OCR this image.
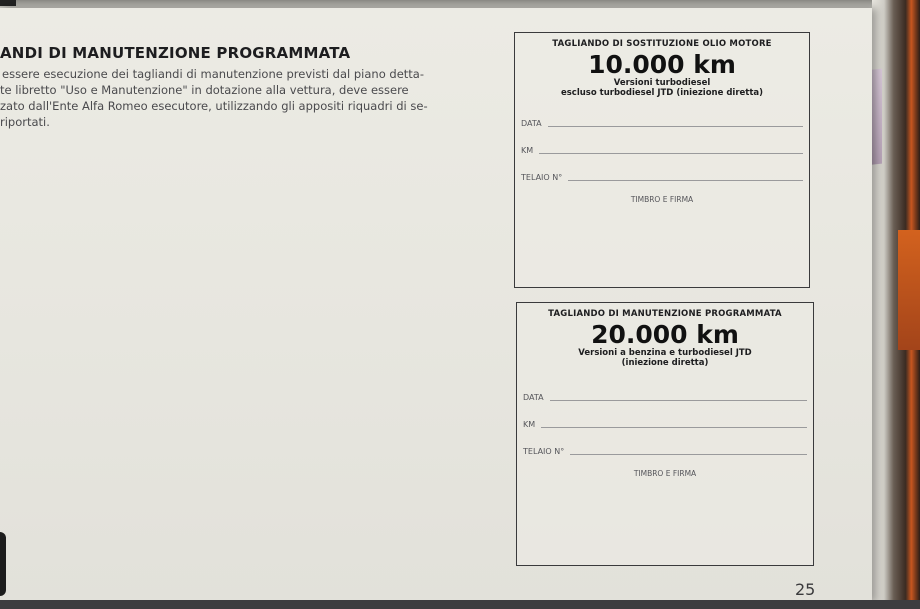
ANDI DI MANUTENZIONE PROGRAMMATA
essere esecuzione dei tagliandi di manutenzione previsti dal piano detta-
te libretto "Uso e Manutenzione" in dotazione alla vettura, deve essere
zato dall'Ente Alfa Romeo esecutore, utilizzando gli appositi riquadri di se-
riportati.
TAGLIANDO DI SOSTITUZIONE OLIO MOTORE
10.000 km
Versioni turbodiesel
escluso turbodiesel JTD (iniezione diretta)
DATA
KM
TELAIO N°
TIMBRO E FIRMA
TAGLIANDO DI MANUTENZIONE PROGRAMMATA
20.000 km
Versioni a benzina e turbodiesel JTD
(iniezione diretta)
DATA
KM
TELAIO N°
TIMBRO E FIRMA
25
